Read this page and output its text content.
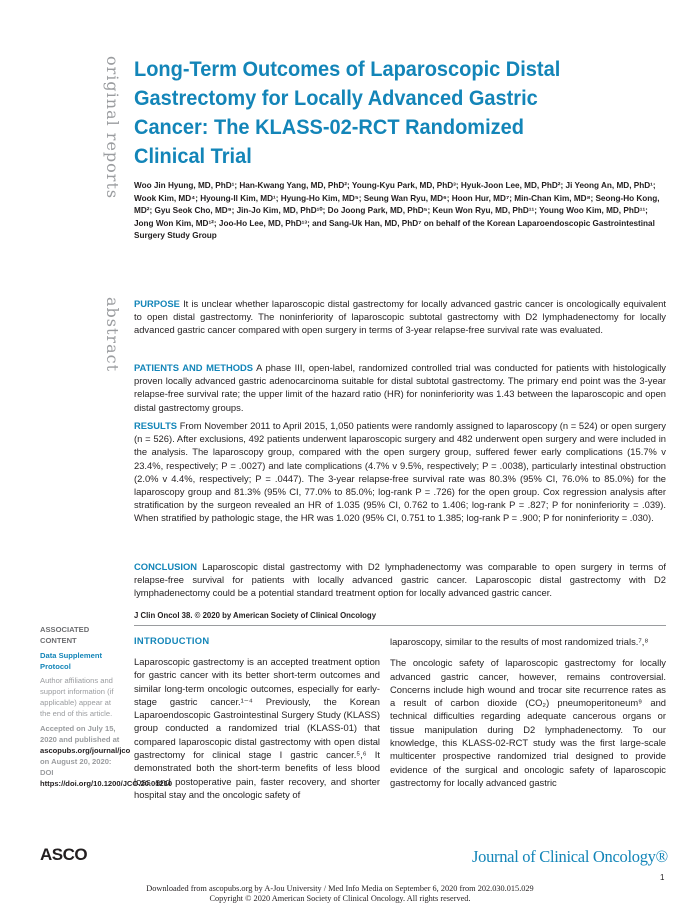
original reports
abstract
Long-Term Outcomes of Laparoscopic Distal Gastrectomy for Locally Advanced Gastric Cancer: The KLASS-02-RCT Randomized Clinical Trial
Woo Jin Hyung, MD, PhD¹; Han-Kwang Yang, MD, PhD²; Young-Kyu Park, MD, PhD³; Hyuk-Joon Lee, MD, PhD²; Ji Yeong An, MD, PhD¹; Wook Kim, MD⁴; Hyoung-Il Kim, MD¹; Hyung-Ho Kim, MD⁵; Seung Wan Ryu, MD⁶; Hoon Hur, MD⁷; Min-Chan Kim, MD⁸; Seong-Ho Kong, MD²; Gyu Seok Cho, MD⁹; Jin-Jo Kim, MD, PhD¹⁰; Do Joong Park, MD, PhD⁵; Keun Won Ryu, MD, PhD¹¹; Young Woo Kim, MD, PhD¹¹; Jong Won Kim, MD¹²; Joo-Ho Lee, MD, PhD¹³; and Sang-Uk Han, MD, PhD⁷ on behalf of the Korean Laparoendoscopic Gastrointestinal Surgery Study Group
PURPOSE It is unclear whether laparoscopic distal gastrectomy for locally advanced gastric cancer is oncologically equivalent to open distal gastrectomy. The noninferiority of laparoscopic subtotal gastrectomy with D2 lymphadenectomy for locally advanced gastric cancer compared with open surgery in terms of 3-year relapse-free survival rate was evaluated.
PATIENTS AND METHODS A phase III, open-label, randomized controlled trial was conducted for patients with histologically proven locally advanced gastric adenocarcinoma suitable for distal subtotal gastrectomy. The primary end point was the 3-year relapse-free survival rate; the upper limit of the hazard ratio (HR) for noninferiority was 1.43 between the laparoscopic and open distal gastrectomy groups.
RESULTS From November 2011 to April 2015, 1,050 patients were randomly assigned to laparoscopy (n = 524) or open surgery (n = 526). After exclusions, 492 patients underwent laparoscopic surgery and 482 underwent open surgery and were included in the analysis. The laparoscopy group, compared with the open surgery group, suffered fewer early complications (15.7% v 23.4%, respectively; P = .0027) and late complications (4.7% v 9.5%, respectively; P = .0038), particularly intestinal obstruction (2.0% v 4.4%, respectively; P = .0447). The 3-year relapse-free survival rate was 80.3% (95% CI, 76.0% to 85.0%) for the laparoscopy group and 81.3% (95% CI, 77.0% to 85.0%; log-rank P = .726) for the open group. Cox regression analysis after stratification by the surgeon revealed an HR of 1.035 (95% CI, 0.762 to 1.406; log-rank P = .827; P for noninferiority = .039). When stratified by pathologic stage, the HR was 1.020 (95% CI, 0.751 to 1.385; log-rank P = .900; P for noninferiority = .030).
CONCLUSION Laparoscopic distal gastrectomy with D2 lymphadenectomy was comparable to open surgery in terms of relapse-free survival for patients with locally advanced gastric cancer. Laparoscopic distal gastrectomy with D2 lymphadenectomy could be a potential standard treatment option for locally advanced gastric cancer.
J Clin Oncol 38. © 2020 by American Society of Clinical Oncology
ASSOCIATED CONTENT
Data Supplement Protocol
Author affiliations and support information (if applicable) appear at the end of this article.
Accepted on July 15, 2020 and published at ascopubs.org/journal/jco on August 20, 2020: DOI https://doi.org/10.1200/JCO.20.01210
INTRODUCTION
Laparoscopic gastrectomy is an accepted treatment option for gastric cancer with its better short-term outcomes and similar long-term oncologic outcomes, especially for early-stage gastric cancer.¹⁻⁴ Previously, the Korean Laparoendoscopic Gastrointestinal Surgery Study (KLASS) group conducted a randomized trial (KLASS-01) that compared laparoscopic distal gastrectomy with open distal gastrectomy for clinical stage I gastric cancer.⁵,⁶ It demonstrated both the short-term benefits of less blood loss and postoperative pain, faster recovery, and shorter hospital stay and the oncologic safety of

laparoscopy, similar to the results of most randomized trials.⁷,⁸

The oncologic safety of laparoscopic gastrectomy for locally advanced gastric cancer, however, remains controversial. Concerns include high wound and trocar site recurrence rates as a result of carbon dioxide (CO₂) pneumoperitoneum⁹ and technical difficulties regarding adequate cancerous organs or tissue manipulation during D2 lymphadenectomy. To our knowledge, this KLASS-02-RCT study was the first large-scale multicenter prospective randomized trial designed to provide evidence of the surgical and oncologic safety of laparoscopic gastrectomy for locally advanced gastric

ASCO	Journal of Clinical Oncology®
1
Downloaded from ascopubs.org by A-Jou University / Med Info Media on September 6, 2020 from 202.030.015.029
Copyright © 2020 American Society of Clinical Oncology. All rights reserved.
